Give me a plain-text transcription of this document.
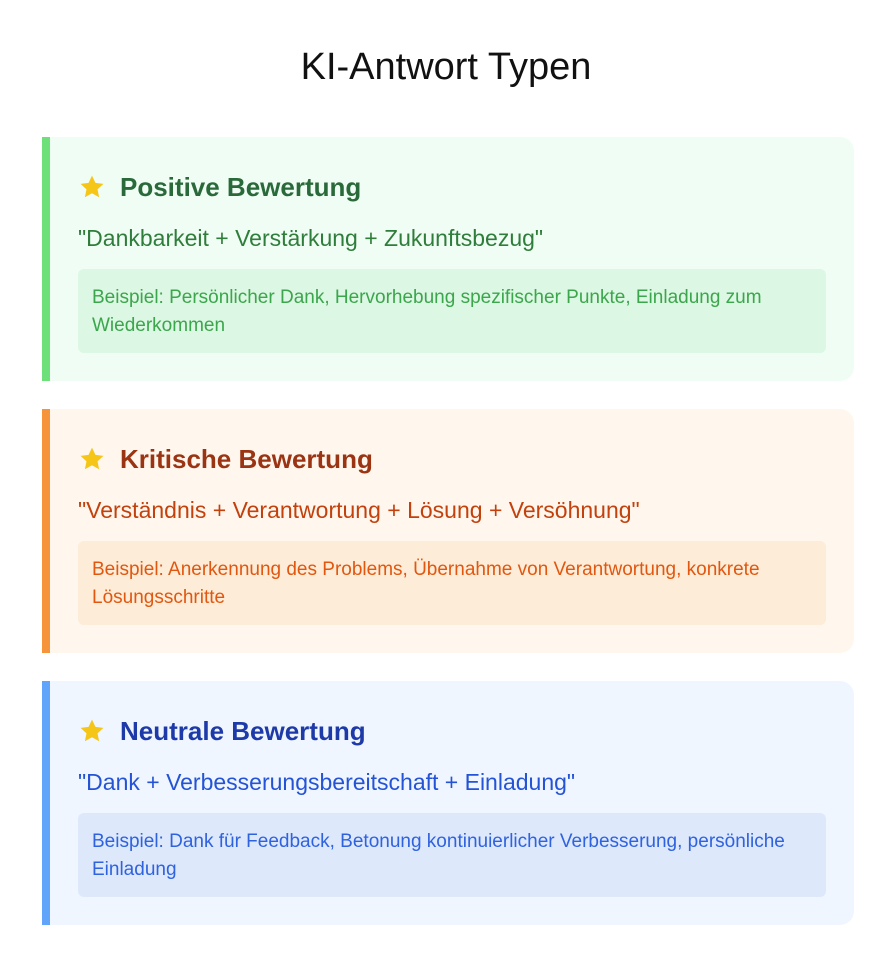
KI-Antwort Typen
Positive Bewertung
"Dankbarkeit + Verstärkung + Zukunftsbezug"
Beispiel: Persönlicher Dank, Hervorhebung spezifischer Punkte, Einladung zum Wiederkommen
Kritische Bewertung
"Verständnis + Verantwortung + Lösung + Versöhnung"
Beispiel: Anerkennung des Problems, Übernahme von Verantwortung, konkrete Lösungsschritte
Neutrale Bewertung
"Dank + Verbesserungsbereitschaft + Einladung"
Beispiel: Dank für Feedback, Betonung kontinuierlicher Verbesserung, persönliche Einladung
